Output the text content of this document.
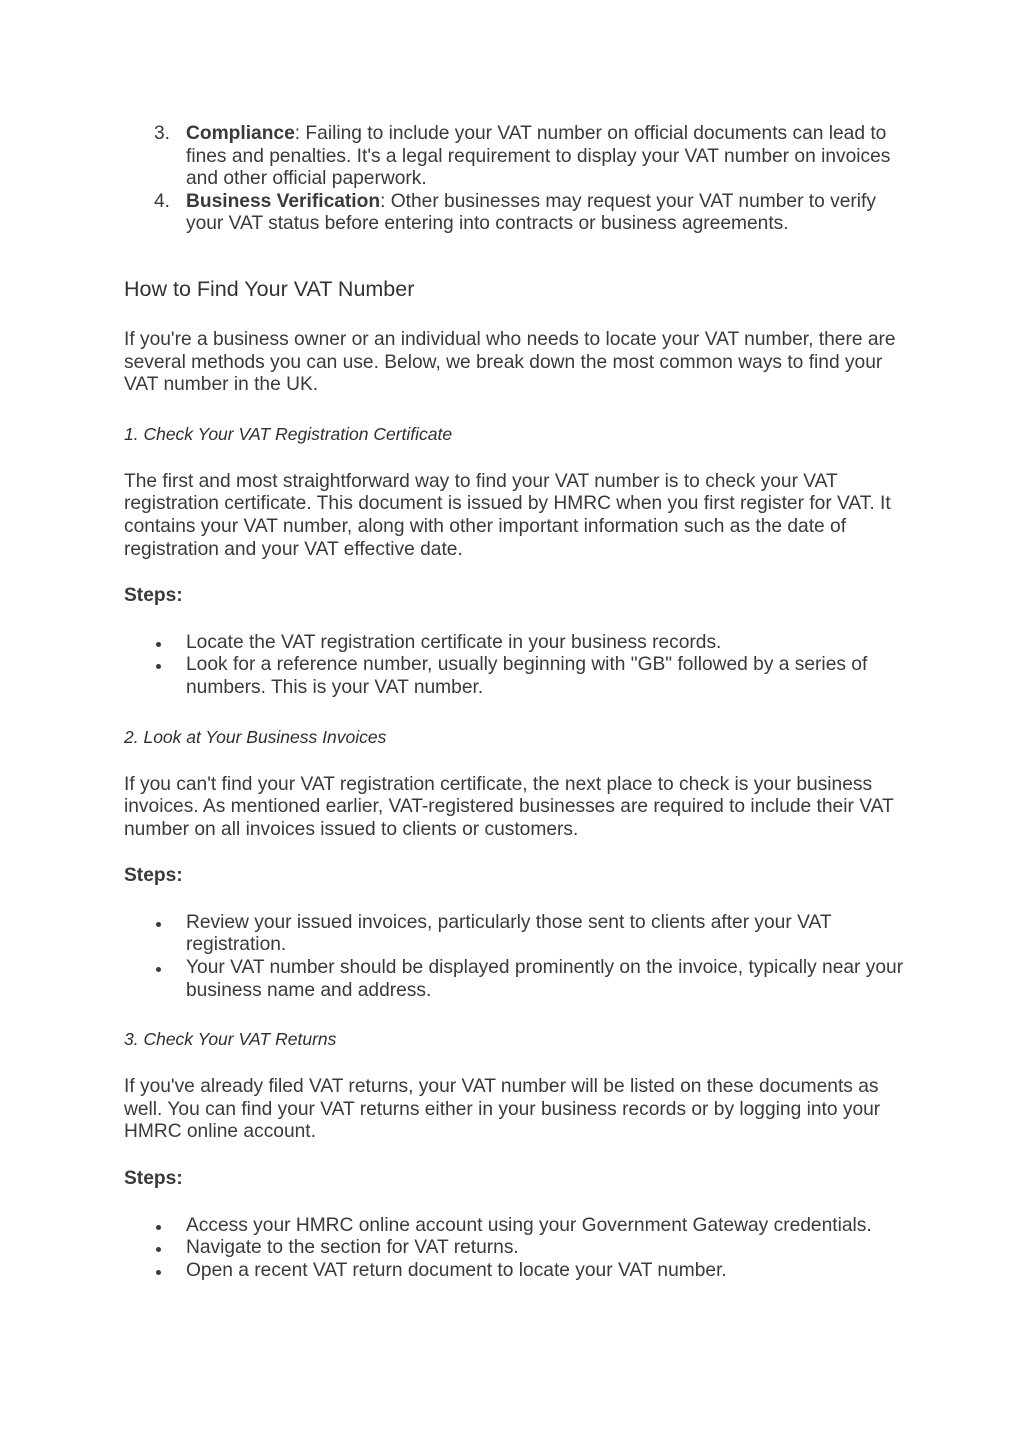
3. Compliance: Failing to include your VAT number on official documents can lead to fines and penalties. It's a legal requirement to display your VAT number on invoices and other official paperwork.
4. Business Verification: Other businesses may request your VAT number to verify your VAT status before entering into contracts or business agreements.
How to Find Your VAT Number

If you're a business owner or an individual who needs to locate your VAT number, there are several methods you can use. Below, we break down the most common ways to find your VAT number in the UK.

1. Check Your VAT Registration Certificate

The first and most straightforward way to find your VAT number is to check your VAT registration certificate. This document is issued by HMRC when you first register for VAT. It contains your VAT number, along with other important information such as the date of registration and your VAT effective date.

Steps:

Locate the VAT registration certificate in your business records.
Look for a reference number, usually beginning with "GB" followed by a series of numbers. This is your VAT number.
2. Look at Your Business Invoices

If you can't find your VAT registration certificate, the next place to check is your business invoices. As mentioned earlier, VAT-registered businesses are required to include their VAT number on all invoices issued to clients or customers.

Steps:

Review your issued invoices, particularly those sent to clients after your VAT registration.
Your VAT number should be displayed prominently on the invoice, typically near your business name and address.
3. Check Your VAT Returns

If you've already filed VAT returns, your VAT number will be listed on these documents as well. You can find your VAT returns either in your business records or by logging into your HMRC online account.

Steps:

Access your HMRC online account using your Government Gateway credentials.
Navigate to the section for VAT returns.
Open a recent VAT return document to locate your VAT number.
